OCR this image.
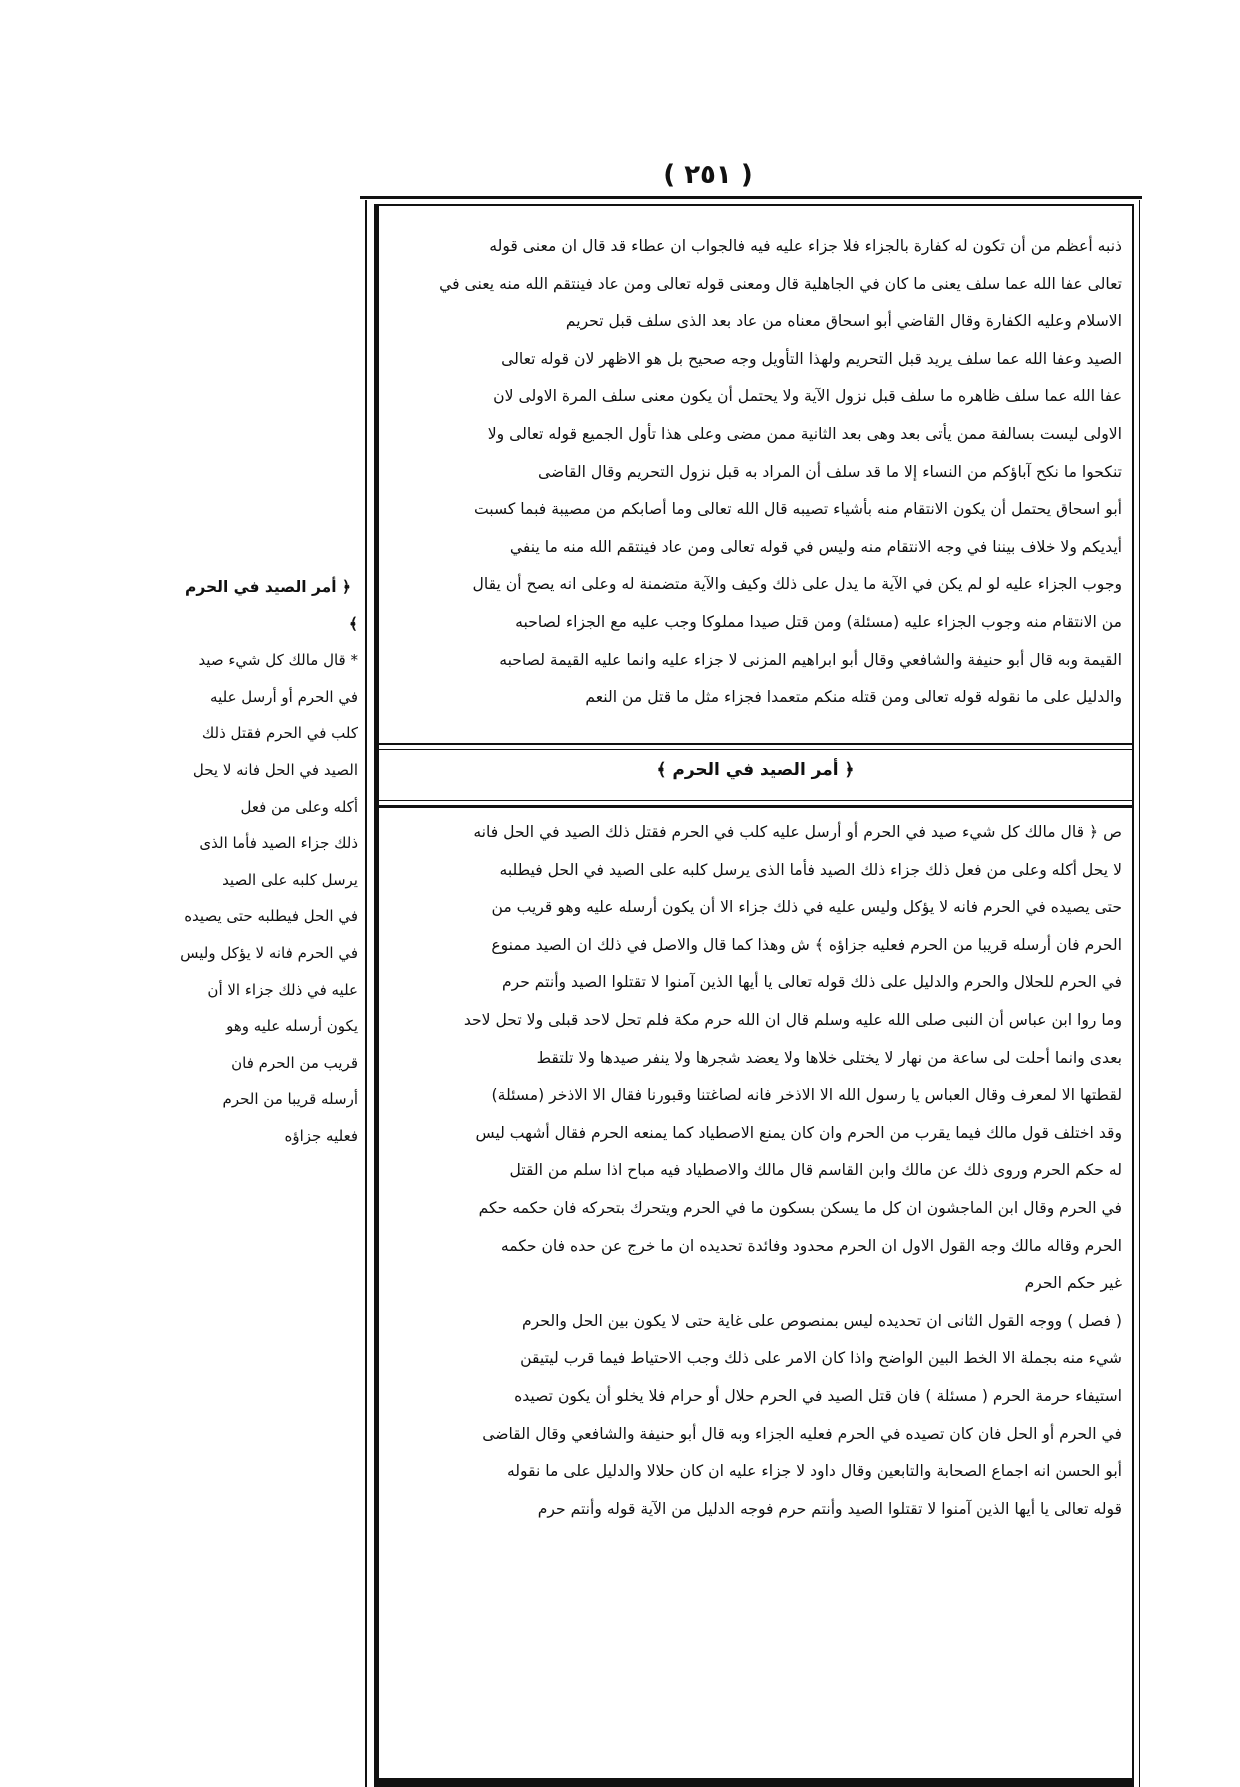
( ٢٥١ )
ذنبه أعظم من أن تكون له كفارة بالجزاء فلا جزاء عليه فيه فالجواب ان عطاء قد قال ان معنى قوله
تعالى عفا الله عما سلف يعنى ما كان في الجاهلية قال ومعنى قوله تعالى ومن عاد فينتقم الله منه يعنى في
الاسلام وعليه الكفارة وقال القاضي أبو اسحاق معناه من عاد بعد الذى سلف قبل تحريم
الصيد وعفا الله عما سلف يريد قبل التحريم ولهذا التأويل وجه صحيح بل هو الاظهر لان قوله تعالى
عفا الله عما سلف ظاهره ما سلف قبل نزول الآية ولا يحتمل أن يكون معنى سلف المرة الاولى لان
الاولى ليست بسالفة ممن يأتى بعد وهى بعد الثانية ممن مضى وعلى هذا تأول الجميع قوله تعالى ولا
تنكحوا ما نكح آباؤكم من النساء إلا ما قد سلف أن المراد به قبل نزول التحريم وقال القاضى
أبو اسحاق يحتمل أن يكون الانتقام منه بأشياء تصيبه قال الله تعالى وما أصابكم من مصيبة فبما كسبت
أيديكم ولا خلاف بيننا في وجه الانتقام منه وليس في قوله تعالى ومن عاد فينتقم الله منه ما ينفي
وجوب الجزاء عليه لو لم يكن في الآية ما يدل على ذلك وكيف والآية متضمنة له وعلى انه يصح أن يقال
من الانتقام منه وجوب الجزاء عليه (مسئلة) ومن قتل صيدا مملوكا وجب عليه مع الجزاء لصاحبه
القيمة وبه قال أبو حنيفة والشافعي وقال أبو ابراهيم المزنى لا جزاء عليه وانما عليه القيمة لصاحبه
والدليل على ما نقوله قوله تعالى ومن قتله منكم متعمدا فجزاء مثل ما قتل من النعم
﴿ أمر الصيد في الحرم ﴾
ص ﴿ قال مالك كل شيء صيد في الحرم أو أرسل عليه كلب في الحرم فقتل ذلك الصيد في الحل فانه
لا يحل أكله وعلى من فعل ذلك جزاء ذلك الصيد فأما الذى يرسل كلبه على الصيد في الحل فيطلبه
حتى يصيده في الحرم فانه لا يؤكل وليس عليه في ذلك جزاء الا أن يكون أرسله عليه وهو قريب من
الحرم فان أرسله قريبا من الحرم فعليه جزاؤه ﴾ ش وهذا كما قال والاصل في ذلك ان الصيد ممنوع
في الحرم للحلال والحرم والدليل على ذلك قوله تعالى يا أيها الذين آمنوا لا تقتلوا الصيد وأنتم حرم
وما روا ابن عباس أن النبى صلى الله عليه وسلم قال ان الله حرم مكة فلم تحل لاحد قبلى ولا تحل لاحد
بعدى وانما أحلت لى ساعة من نهار لا يختلى خلاها ولا يعضد شجرها ولا ينفر صيدها ولا تلتقط
لقطتها الا لمعرف وقال العباس يا رسول الله الا الاذخر فانه لصاغتنا وقبورنا فقال الا الاذخر (مسئلة)
وقد اختلف قول مالك فيما يقرب من الحرم وان كان يمنع الاصطياد كما يمنعه الحرم فقال أشهب ليس
له حكم الحرم وروى ذلك عن مالك وابن القاسم قال مالك والاصطياد فيه مباح اذا سلم من القتل
في الحرم وقال ابن الماجشون ان كل ما يسكن بسكون ما في الحرم ويتحرك بتحركه فان حكمه حكم
الحرم وقاله مالك وجه القول الاول ان الحرم محدود وفائدة تحديده ان ما خرج عن حده فان حكمه
غير حكم الحرم
( فصل ) ووجه القول الثانى ان تحديده ليس بمنصوص على غاية حتى لا يكون بين الحل والحرم
شيء منه بجملة الا الخط البين الواضح واذا كان الامر على ذلك وجب الاحتياط فيما قرب ليتيقن
استيفاء حرمة الحرم ( مسئلة ) فان قتل الصيد في الحرم حلال أو حرام فلا يخلو أن يكون تصيده
في الحرم أو الحل فان كان تصيده في الحرم فعليه الجزاء وبه قال أبو حنيفة والشافعي وقال القاضى
أبو الحسن انه اجماع الصحابة والتابعين وقال داود لا جزاء عليه ان كان حلالا والدليل على ما نقوله
قوله تعالى يا أيها الذين آمنوا لا تقتلوا الصيد وأنتم حرم فوجه الدليل من الآية قوله وأنتم حرم
﴿ أمر الصيد في الحرم ﴾
* قال مالك كل شيء صيد
في الحرم أو أرسل عليه
كلب في الحرم فقتل ذلك
الصيد في الحل فانه لا يحل
أكله وعلى من فعل
ذلك جزاء الصيد فأما الذى
يرسل كلبه على الصيد
في الحل فيطلبه حتى يصيده
في الحرم فانه لا يؤكل وليس
عليه في ذلك جزاء الا أن
يكون أرسله عليه وهو
قريب من الحرم فان
أرسله قريبا من الحرم
فعليه جزاؤه
